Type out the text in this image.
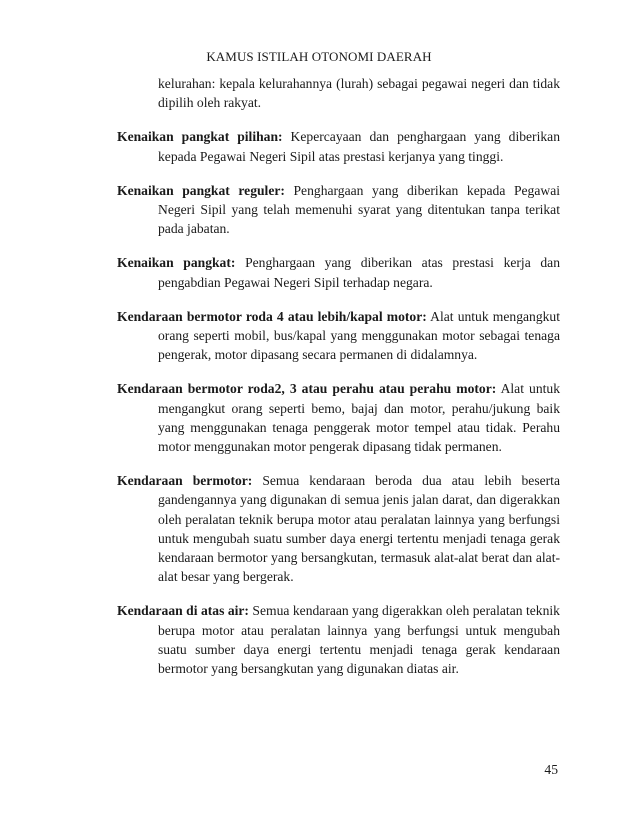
KAMUS ISTILAH OTONOMI DAERAH

kelurahan: kepala kelurahannya (lurah) sebagai pegawai negeri dan tidak dipilih oleh rakyat.

Kenaikan pangkat pilihan: Kepercayaan dan penghargaan yang diberikan kepada Pegawai Negeri Sipil atas prestasi kerjanya yang tinggi.

Kenaikan pangkat reguler: Penghargaan yang diberikan kepada Pegawai Negeri Sipil yang telah memenuhi syarat yang ditentukan tanpa terikat pada jabatan.

Kenaikan pangkat: Penghargaan yang diberikan atas prestasi kerja dan pengabdian Pegawai Negeri Sipil terhadap negara.

Kendaraan bermotor roda 4 atau lebih/kapal motor: Alat untuk mengangkut orang seperti mobil, bus/kapal yang menggunakan motor sebagai tenaga pengerak, motor dipasang secara permanen di didalamnya.

Kendaraan bermotor roda2, 3 atau perahu atau perahu motor: Alat untuk mengangkut orang seperti bemo, bajaj dan motor, perahu/jukung baik yang menggunakan tenaga penggerak motor tempel atau tidak. Perahu motor menggunakan motor pengerak dipasang tidak permanen.

Kendaraan bermotor: Semua kendaraan beroda dua atau lebih beserta gandengannya yang digunakan di semua jenis jalan darat, dan digerakkan oleh peralatan teknik berupa motor atau peralatan lainnya yang berfungsi untuk mengubah suatu sumber daya energi tertentu menjadi tenaga gerak kendaraan bermotor yang bersangkutan, termasuk alat-alat berat dan alat-alat besar yang bergerak.

Kendaraan di atas air: Semua kendaraan yang digerakkan oleh peralatan teknik berupa motor atau peralatan lainnya yang berfungsi untuk mengubah suatu sumber daya energi tertentu menjadi tenaga gerak kendaraan bermotor yang bersangkutan yang digunakan diatas air.

45
